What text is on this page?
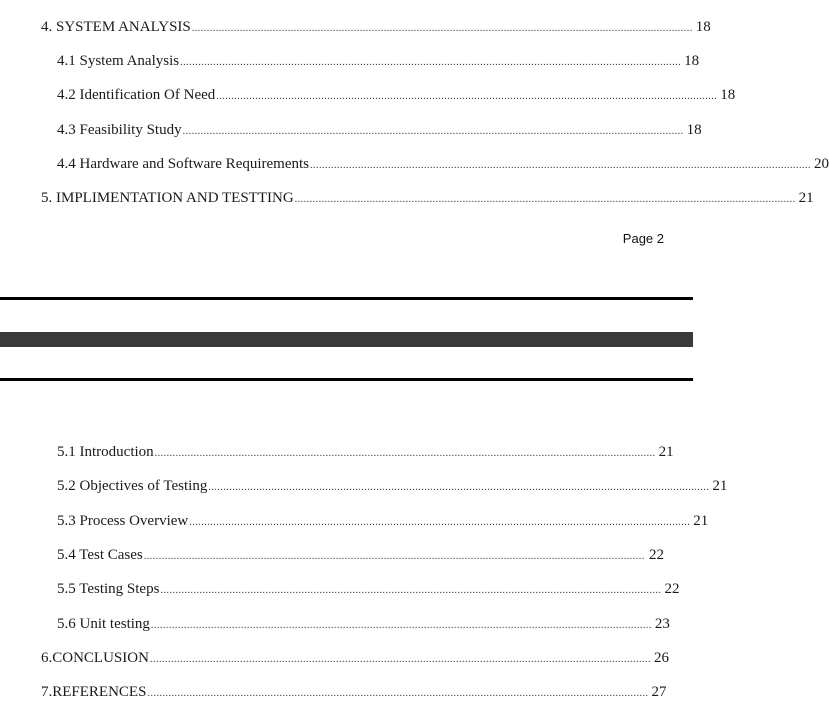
4. SYSTEM ANALYSIS ....................................................................................................................................................................... 18
4.1 System Analysis ....................................................................................................................................................................... 18
4.2 Identification Of Need ....................................................................................................................................................................... 18
4.3 Feasibility Study ....................................................................................................................................................................... 18
4.4 Hardware and Software Requirements ....................................................................................................................................................................... 20
5. IMPLIMENTATION AND TESTTING ....................................................................................................................................................................... 21
Page 2
5.1 Introduction ....................................................................................................................................................................... 21
5.2 Objectives of Testing ....................................................................................................................................................................... 21
5.3 Process Overview ....................................................................................................................................................................... 21
5.4 Test Cases ....................................................................................................................................................................... 22
5.5 Testing Steps ....................................................................................................................................................................... 22
5.6 Unit testing ....................................................................................................................................................................... 23
6.CONCLUSION ....................................................................................................................................................................... 26
7.REFERENCES ....................................................................................................................................................................... 27
